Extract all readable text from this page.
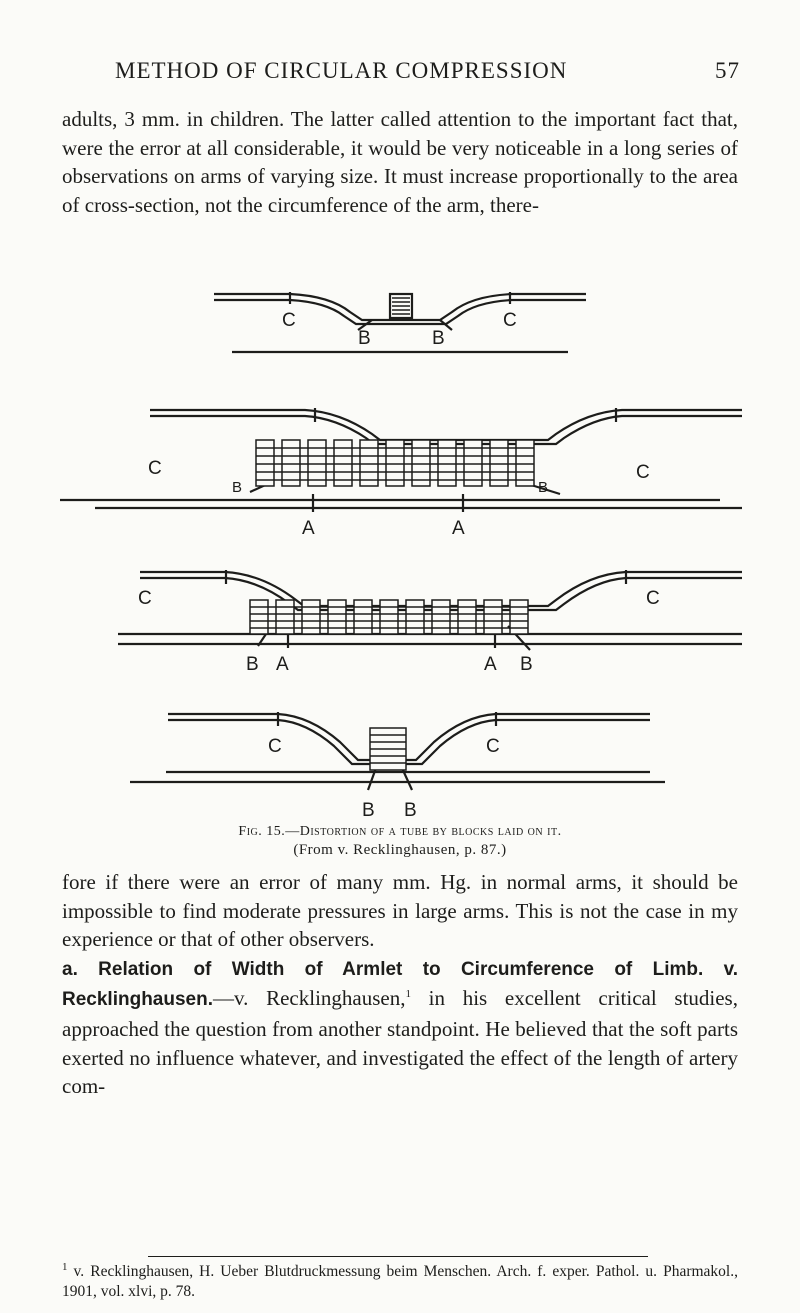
METHOD OF CIRCULAR COMPRESSION	57

adults, 3 mm. in children. The latter called attention to the important fact that, were the error at all considerable, it would be very noticeable in a long series of observations on arms of varying size. It must increase proportionally to the area of cross-section, not the circumference of the arm, there-

C	C
B	B
C	C
B	B
A	A
C	C
B A	A B
C	C
B B
Fig. 15.—Distortion of a tube by blocks laid on it.
(From v. Recklinghausen, p. 87.)

fore if there were an error of many mm. Hg. in normal arms, it should be impossible to find moderate pressures in large arms. This is not the case in my experience or that of other observers.

a. Relation of Width of Armlet to Circumference of Limb. v. Recklinghausen.—v. Recklinghausen,$^1$ in his excellent critical studies, approached the question from another standpoint. He believed that the soft parts exerted no influence whatever, and investigated the effect of the length of artery com-

$^1$ v. Recklinghausen, H. Ueber Blutdruckmessung beim Menschen. Arch. f. exper. Pathol. u. Pharmakol., 1901, vol. xlvi, p. 78.
